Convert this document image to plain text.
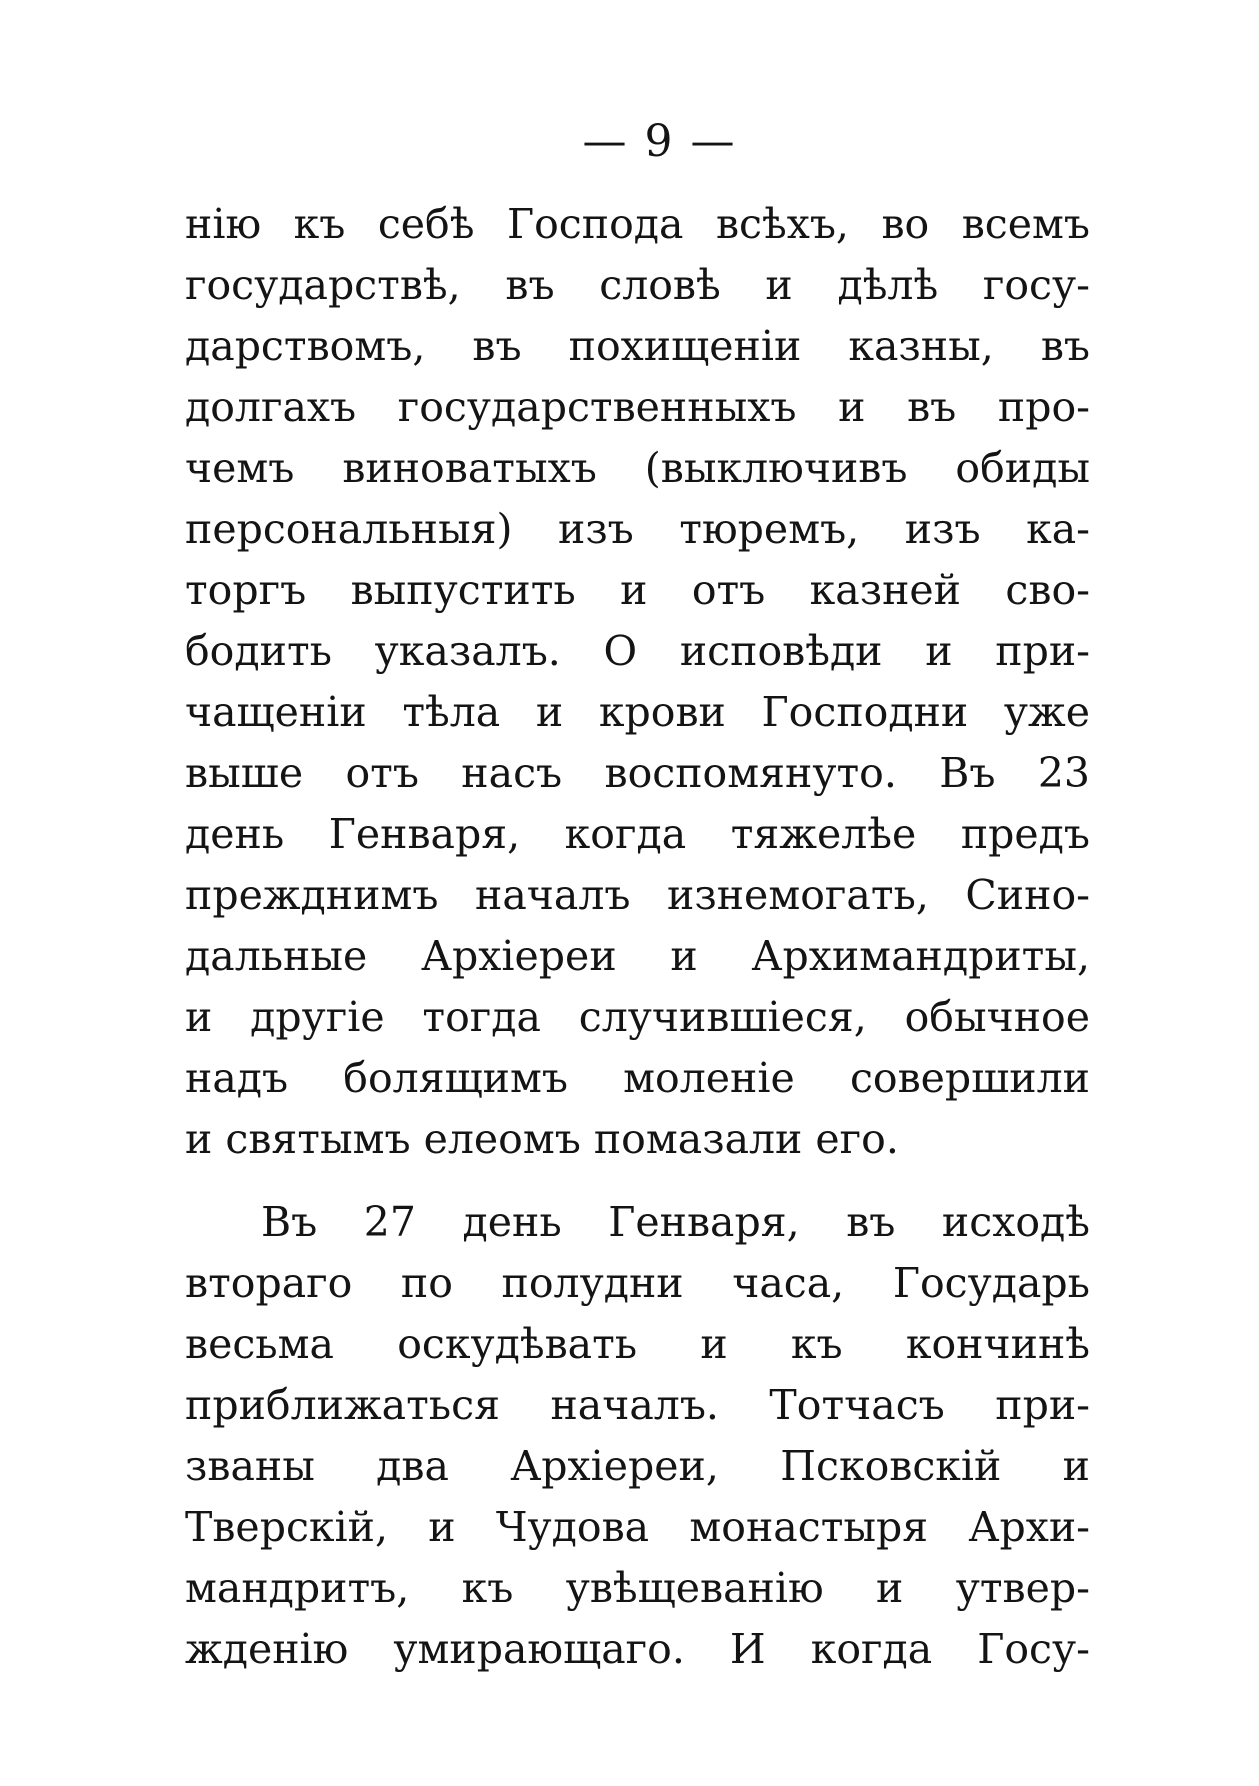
— 9 —
нію къ себѣ Господа всѣхъ, во всемъ
государствѣ, въ словѣ и дѣлѣ госу-
дарствомъ, въ похищеніи казны, въ
долгахъ государственныхъ и въ про-
чемъ виноватыхъ (выключивъ обиды
персональныя) изъ тюремъ, изъ ка-
торгъ выпустить и отъ казней сво-
бодить указалъ. О исповѣди и при-
чащеніи тѣла и крови Господни уже
выше отъ насъ воспомянуто. Въ 23
день Генваря, когда тяжелѣе предъ
прежднимъ началъ изнемогать, Сино-
дальные Архіереи и Архимандриты,
и другіе тогда случившіеся, обычное
надъ болящимъ моленіе совершили
и святымъ елеомъ помазали его.
Въ 27 день Генваря, въ исходѣ
втораго по полудни часа, Государь
весьма оскудѣвать и къ кончинѣ
приближаться началъ. Тотчасъ при-
званы два Архіереи, Псковскій и
Тверскій, и Чудова монастыря Архи-
мандритъ, къ увѣщеванію и утвер-
жденію умирающаго. И когда Госу-
